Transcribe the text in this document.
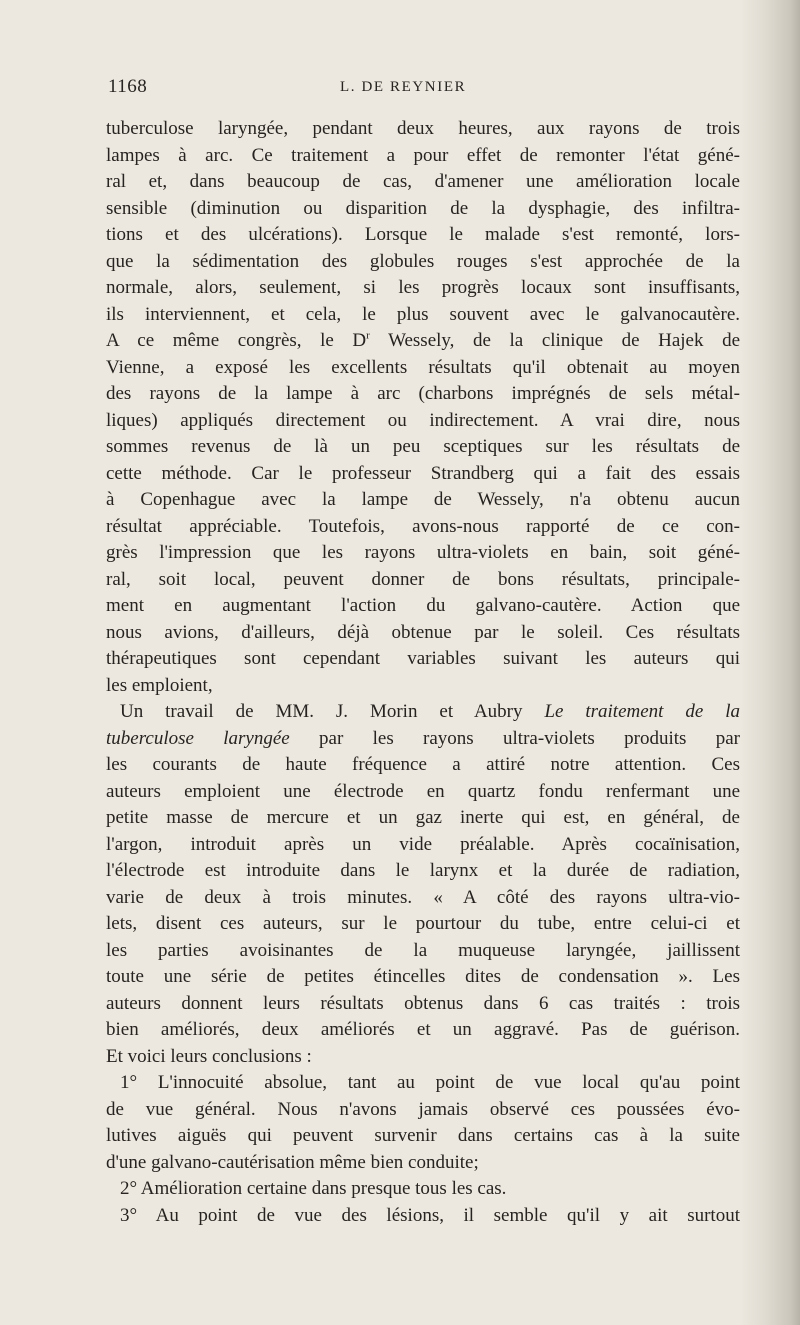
1168	L. DE REYNIER
tuberculose laryngée, pendant deux heures, aux rayons de trois
lampes à arc. Ce traitement a pour effet de remonter l'état géné-
ral et, dans beaucoup de cas, d'amener une amélioration locale
sensible (diminution ou disparition de la dysphagie, des infiltra-
tions et des ulcérations). Lorsque le malade s'est remonté, lors-
que la sédimentation des globules rouges s'est approchée de la
normale, alors, seulement, si les progrès locaux sont insuffisants,
ils interviennent, et cela, le plus souvent avec le galvanocautère.
A ce même congrès, le $D^r$ Wessely, de la clinique de Hajek de
Vienne, a exposé les excellents résultats qu'il obtenait au moyen
des rayons de la lampe à arc (charbons imprégnés de sels métal-
liques) appliqués directement ou indirectement. A vrai dire, nous
sommes revenus de là un peu sceptiques sur les résultats de
cette méthode. Car le professeur Strandberg qui a fait des essais
à Copenhague avec la lampe de Wessely, n'a obtenu aucun
résultat appréciable. Toutefois, avons-nous rapporté de ce con-
grès l'impression que les rayons ultra-violets en bain, soit géné-
ral, soit local, peuvent donner de bons résultats, principale-
ment en augmentant l'action du galvano-cautère. Action que
nous avions, d'ailleurs, déjà obtenue par le soleil. Ces résultats
thérapeutiques sont cependant variables suivant les auteurs qui
les emploient,
Un travail de MM. J. Morin et Aubry Le traitement de la
tuberculose laryngée par les rayons ultra-violets produits par
les courants de haute fréquence a attiré notre attention. Ces
auteurs emploient une électrode en quartz fondu renfermant une
petite masse de mercure et un gaz inerte qui est, en général, de
l'argon, introduit après un vide préalable. Après cocaïnisation,
l'électrode est introduite dans le larynx et la durée de radiation,
varie de deux à trois minutes. « A côté des rayons ultra-vio-
lets, disent ces auteurs, sur le pourtour du tube, entre celui-ci et
les parties avoisinantes de la muqueuse laryngée, jaillissent
toute une série de petites étincelles dites de condensation ». Les
auteurs donnent leurs résultats obtenus dans 6 cas traités : trois
bien améliorés, deux améliorés et un aggravé. Pas de guérison.
Et voici leurs conclusions :
1° L'innocuité absolue, tant au point de vue local qu'au point
de vue général. Nous n'avons jamais observé ces poussées évo-
lutives aiguës qui peuvent survenir dans certains cas à la suite
d'une galvano-cautérisation même bien conduite;
2° Amélioration certaine dans presque tous les cas.
3° Au point de vue des lésions, il semble qu'il y ait surtout
